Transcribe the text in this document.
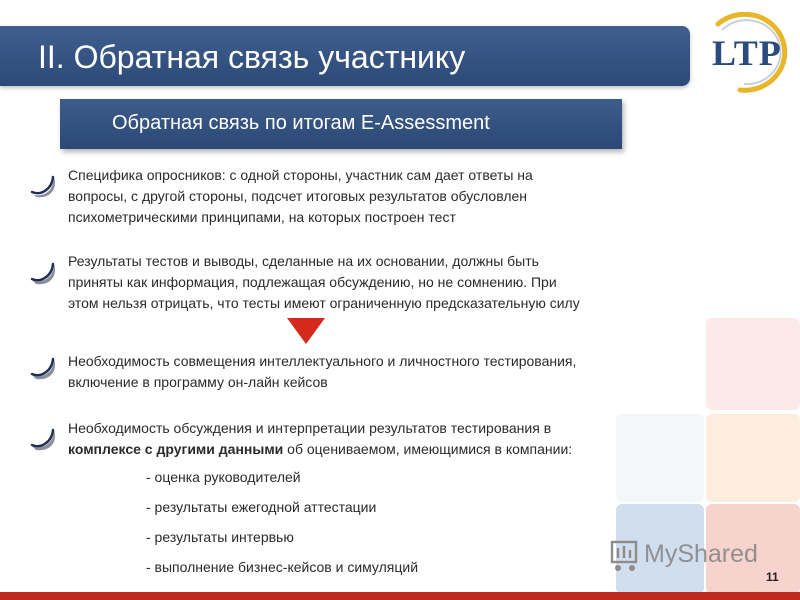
II. Обратная связь участнику	LTP
Обратная связь по итогам E-Assessment
Специфика опросников: с одной стороны, участник сам дает ответы на
вопросы, с другой стороны, подсчет итоговых результатов обусловлен
психометрическими принципами, на которых построен тест
Результаты тестов и выводы, сделанные на их основании, должны быть
приняты как информация, подлежащая обсуждению, но не сомнению. При
этом нельзя отрицать, что тесты имеют ограниченную предсказательную силу
Необходимость совмещения интеллектуального и личностного тестирования,
включение в программу он-лайн кейсов
Необходимость обсуждения и интерпретации результатов тестирования в
комплексе с другими данными об оцениваемом, имеющимися в компании:
- оценка руководителей
- результаты ежегодной аттестации
- результаты интервью
- выполнение бизнес-кейсов и симуляций	MyShared
11
